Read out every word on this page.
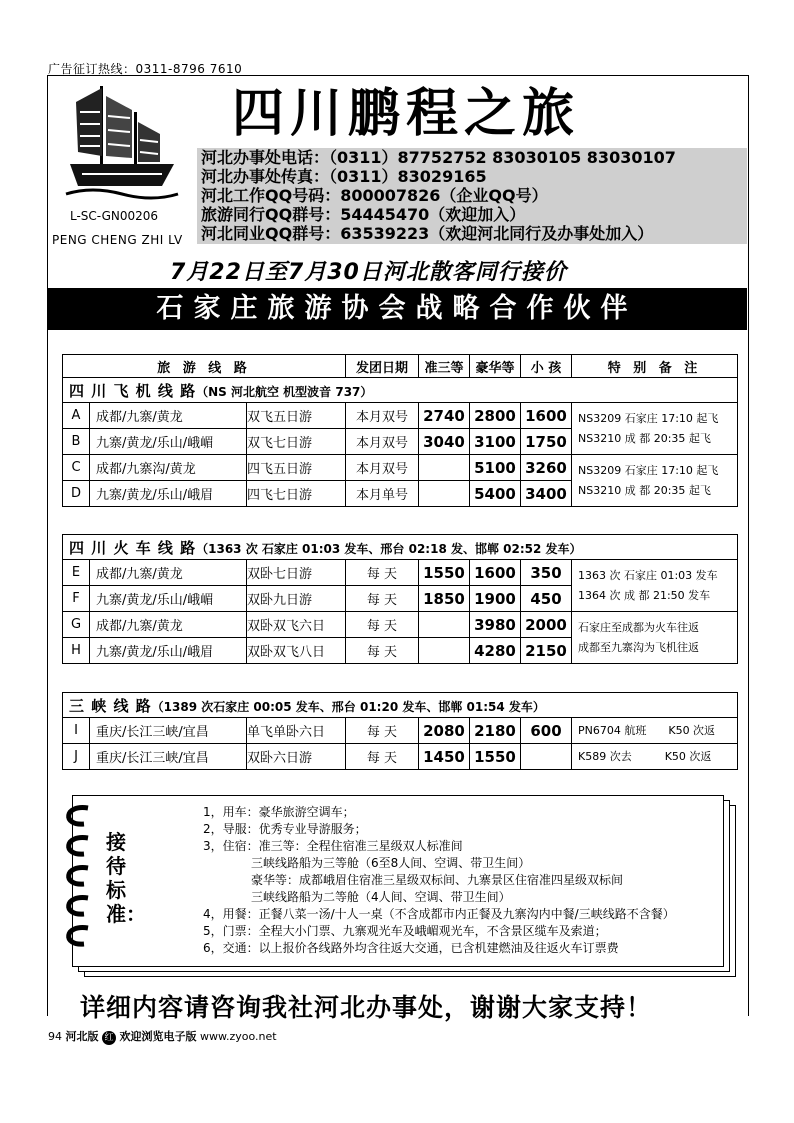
广告征订热线：0311-8796 7610
L-SC-GN00206
PENG CHENG ZHI LV
四川鹏程之旅
河北办事处电话：（0311）87752752 83030105 83030107
河北办事处传真：（0311）83029165
河北工作QQ号码：800007826（企业QQ号）
旅游同行QQ群号：54445470（欢迎加入）
河北同业QQ群号：63539223（欢迎河北同行及办事处加入）
7月22日至7月30日河北散客同行接价
石家庄旅游协会战略合作伙伴
旅 游 线 路			发团日期	准三等	豪华等	小 孩	特 别 备 注
四 川 飞 机 线 路（NS 河北航空 机型波音 737）							
A	成都/九寨/黄龙	双飞五日游	本月双号	2740	2800	1600	NS3209 石家庄 17:10 起飞
NS3210 成 都 20:35 起飞

B	九寨/黄龙/乐山/峨嵋	双飞七日游	本月双号	3040	3100	1750	
C	成都/九寨沟/黄龙	四飞五日游	本月双号		5100	3260	NS3209 石家庄 17:10 起飞
NS3210 成 都 20:35 起飞

D	九寨/黄龙/乐山/峨眉	四飞七日游	本月单号		5400	3400	
四 川 火 车 线 路（1363 次 石家庄 01:03 发车、邢台 02:18 发、邯郸 02:52 发车）							
E	成都/九寨/黄龙	双卧七日游	每 天	1550	1600	350	1363 次 石家庄 01:03 发车
1364 次 成 都 21:50 发车

F	九寨/黄龙/乐山/峨嵋	双卧九日游	每 天	1850	1900	450	
G	成都/九寨/黄龙	双卧双飞六日	每 天		3980	2000	石家庄至成都为火车往返
成都至九寨沟为飞机往返

H	九寨/黄龙/乐山/峨眉	双卧双飞八日	每 天		4280	2150	
三 峡 线 路（1389 次石家庄 00:05 发车、邢台 01:20 发车、邯郸 01:54 发车）							
I	重庆/长江三峡/宜昌	单飞单卧六日	每 天	2080	2180	600	PN6704 航班　　K50 次返
J	重庆/长江三峡/宜昌	双卧六日游	每 天	1450	1550		K589 次去　　　K50 次返
1，用车：豪华旅游空调车；
2，导服：优秀专业导游服务；
3，住宿：准三等：全程住宿准三星级双人标准间
　　　　三峡线路船为三等舱（6至8人间、空调、带卫生间）
　　　　豪华等：成都峨眉住宿准三星级双标间、九寨景区住宿准四星级双标间
　　　　三峡线路船为二等舱（4人间、空调、带卫生间）
4，用餐：正餐八菜一汤/十人一桌（不含成都市内正餐及九寨沟内中餐/三峡线路不含餐）
5，门票：全程大小门票、九寨观光车及峨嵋观光车，不含景区缆车及索道；
6，交通：以上报价各线路外均含往返大交通，已含机建燃油及往返火车订票费
接待标准：
详细内容请咨询我社河北办事处，谢谢大家支持！
94 河北版 红 欢迎浏览电子版 www.zyoo.net
